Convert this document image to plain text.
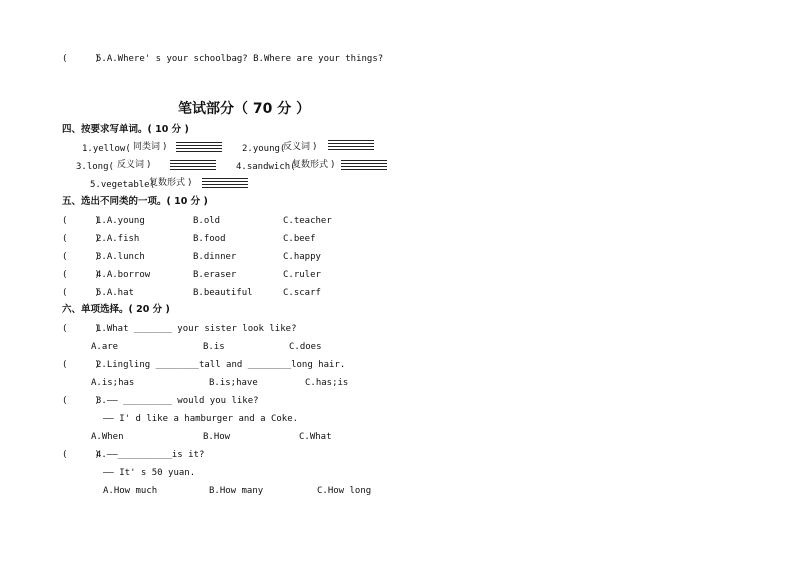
(     )
5.A.Where' s your schoolbag? B.Where are your things?
笔试部分（ 70 分 ）
四、按要求写单词。( 10 分 )
1.yellow( 同类词 )	2.young(
反义词 )
3.long( 反义词 )	4.sandwich(
复数形式 )
5.vegetable(
复数形式 )
五、选出不同类的一项。( 10 分 )
(     )
1.A.young	B.old	C.teacher
(     )
2.A.fish	B.food	C.beef
(     )
3.A.lunch	B.dinner	C.happy
(     )
4.A.borrow	B.eraser	C.ruler
(     )
5.A.hat	B.beautiful	C.scarf
六、单项选择。( 20 分 )
(     )
1.What _______ your sister look like?
A.are	B.is	C.does
(     )
2.Lingling ________tall and ________long hair.
A.is;has	B.is;have	C.has;is
(     )
3.—— _________ would you like?
—— I' d like a hamburger and a Coke.
A.When	B.How	C.What
(     )
4.——__________is it?
—— It' s 50 yuan.
A.How much	B.How many	C.How long
